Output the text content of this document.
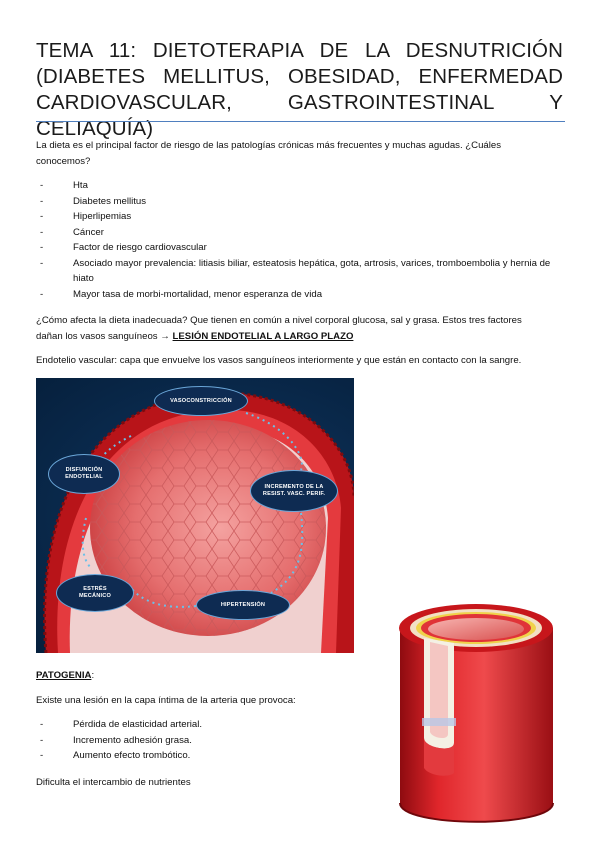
TEMA 11: DIETOTERAPIA DE LA DESNUTRICIÓN (DIABETES MELLITUS, OBESIDAD, ENFERMEDAD CARDIOVASCULAR, GASTROINTESTINAL Y CELIAQUÍA)

La dieta es el principal factor de riesgo de las patologías crónicas más frecuentes y muchas agudas. ¿Cuáles conocemos?

- Hta
- Diabetes mellitus
- Hiperlipemias
- Cáncer
- Factor de riesgo cardiovascular
- Asociado mayor prevalencia: litiasis biliar, esteatosis hepática, gota, artrosis, varices, tromboembolia y hernia de hiato
- Mayor tasa de morbi-mortalidad, menor esperanza de vida

¿Cómo afecta la dieta inadecuada? Que tienen en común a nivel corporal glucosa, sal y grasa. Estos tres factores dañan los vasos sanguíneos → LESIÓN ENDOTELIAL A LARGO PLAZO

Endotelio vascular: capa que envuelve los vasos sanguíneos interiormente y que están en contacto con la sangre.

VASOCONSTRICCIÓN
DISFUNCIÓN
ENDOTELIAL
INCREMENTO DE LA
RESIST. VASC. PERIF.
ESTRÉS
MECÁNICO
HIPERTENSIÓN

PATOGENIA:

Existe una lesión en la capa íntima de la arteria que provoca:

- Pérdida de elasticidad arterial.
- Incremento adhesión grasa.
- Aumento efecto trombótico.

Dificulta el intercambio de nutrientes
